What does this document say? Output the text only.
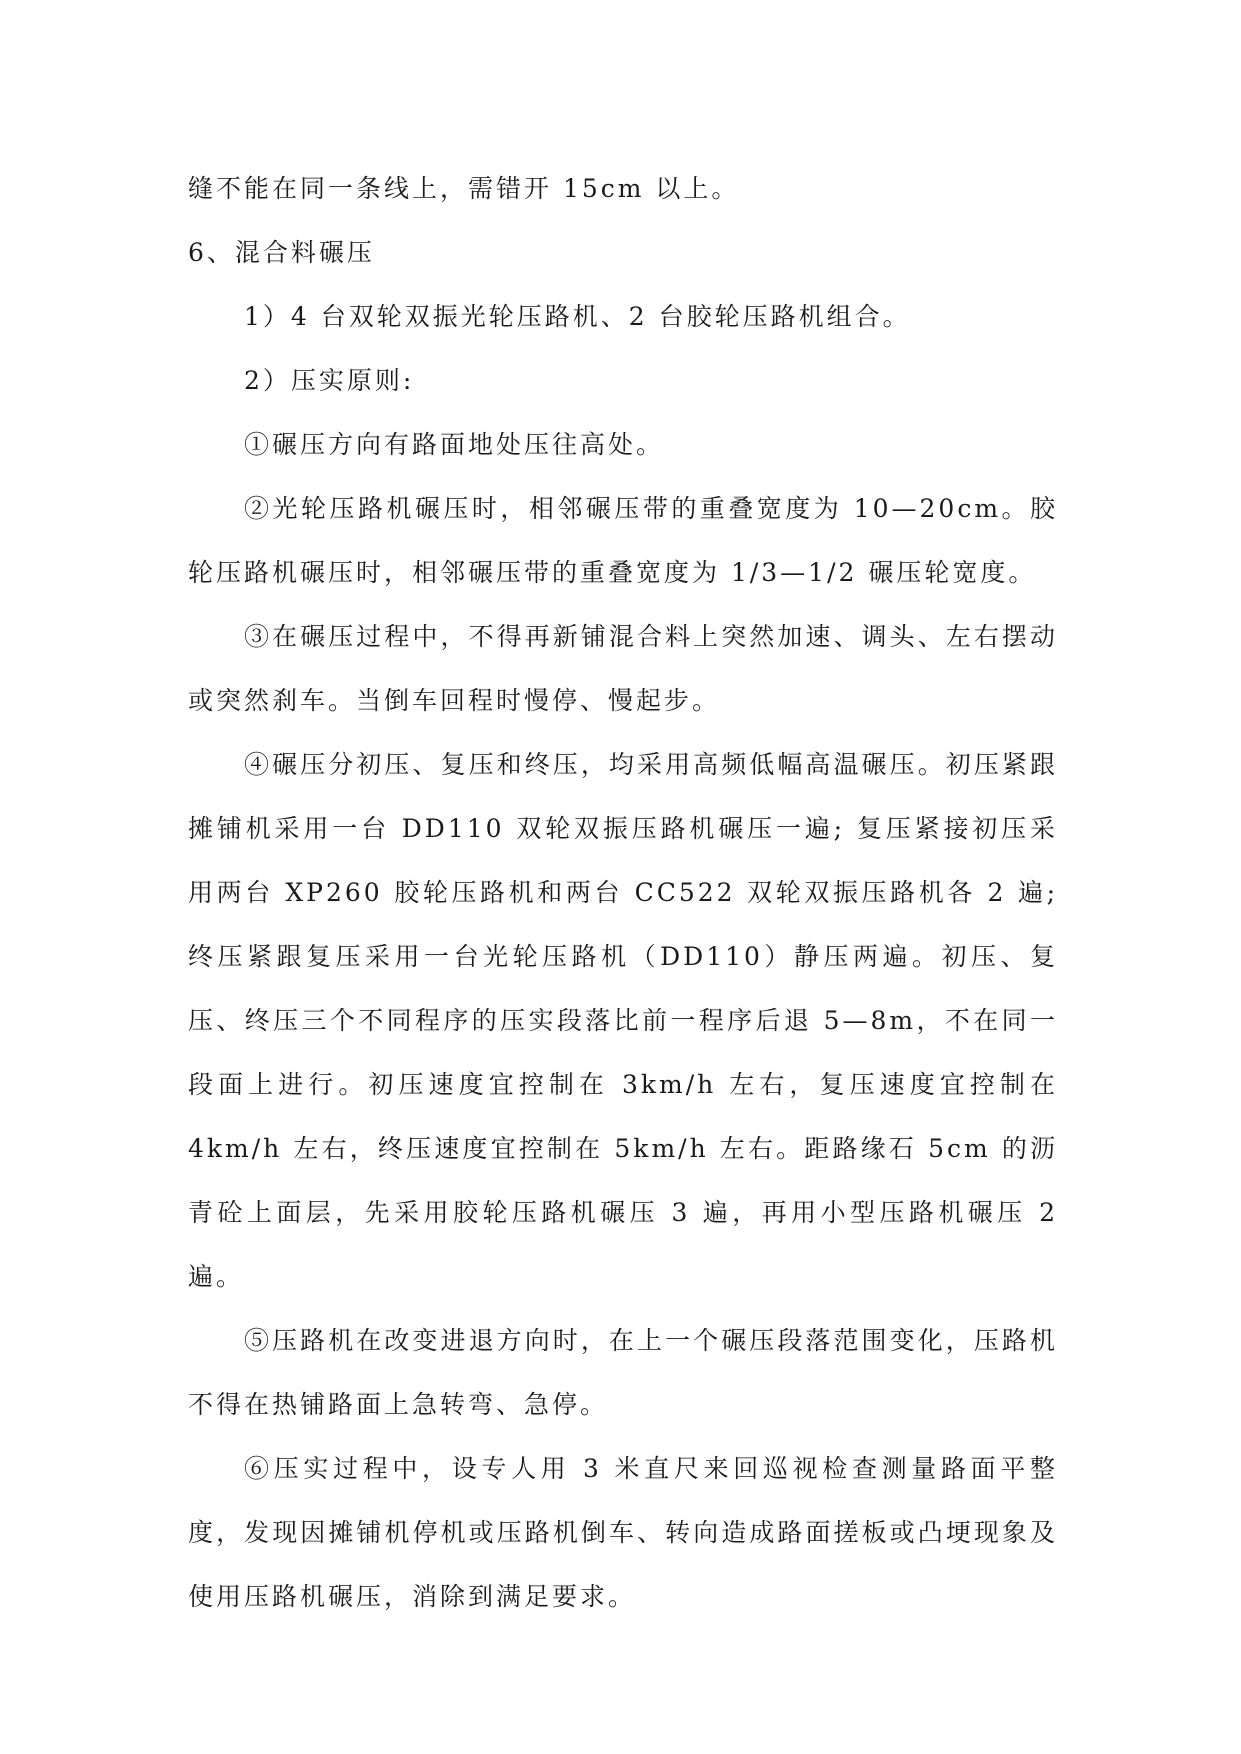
缝不能在同一条线上，需错开 15cm 以上。

6、混合料碾压

1）4 台双轮双振光轮压路机、2 台胶轮压路机组合。

2）压实原则:

①碾压方向有路面地处压往高处。

②光轮压路机碾压时，相邻碾压带的重叠宽度为 10—20cm。胶轮压路机碾压时，相邻碾压带的重叠宽度为 1/3—1/2 碾压轮宽度。

③在碾压过程中，不得再新铺混合料上突然加速、调头、左右摆动或突然刹车。当倒车回程时慢停、慢起步。

④碾压分初压、复压和终压，均采用高频低幅高温碾压。初压紧跟摊铺机采用一台 DD110 双轮双振压路机碾压一遍; 复压紧接初压采用两台 XP260 胶轮压路机和两台 CC522 双轮双振压路机各 2 遍; 终压紧跟复压采用一台光轮压路机（DD110）静压两遍。初压、复压、终压三个不同程序的压实段落比前一程序后退 5—8m，不在同一段面上进行。初压速度宜控制在 3km/h 左右，复压速度宜控制在 4km/h 左右，终压速度宜控制在 5km/h 左右。距路缘石 5cm 的沥青砼上面层，先采用胶轮压路机碾压 3 遍，再用小型压路机碾压 2 遍。

⑤压路机在改变进退方向时，在上一个碾压段落范围变化，压路机不得在热铺路面上急转弯、急停。

⑥压实过程中，设专人用 3 米直尺来回巡视检查测量路面平整度，发现因摊铺机停机或压路机倒车、转向造成路面搓板或凸埂现象及使用压路机碾压，消除到满足要求。
